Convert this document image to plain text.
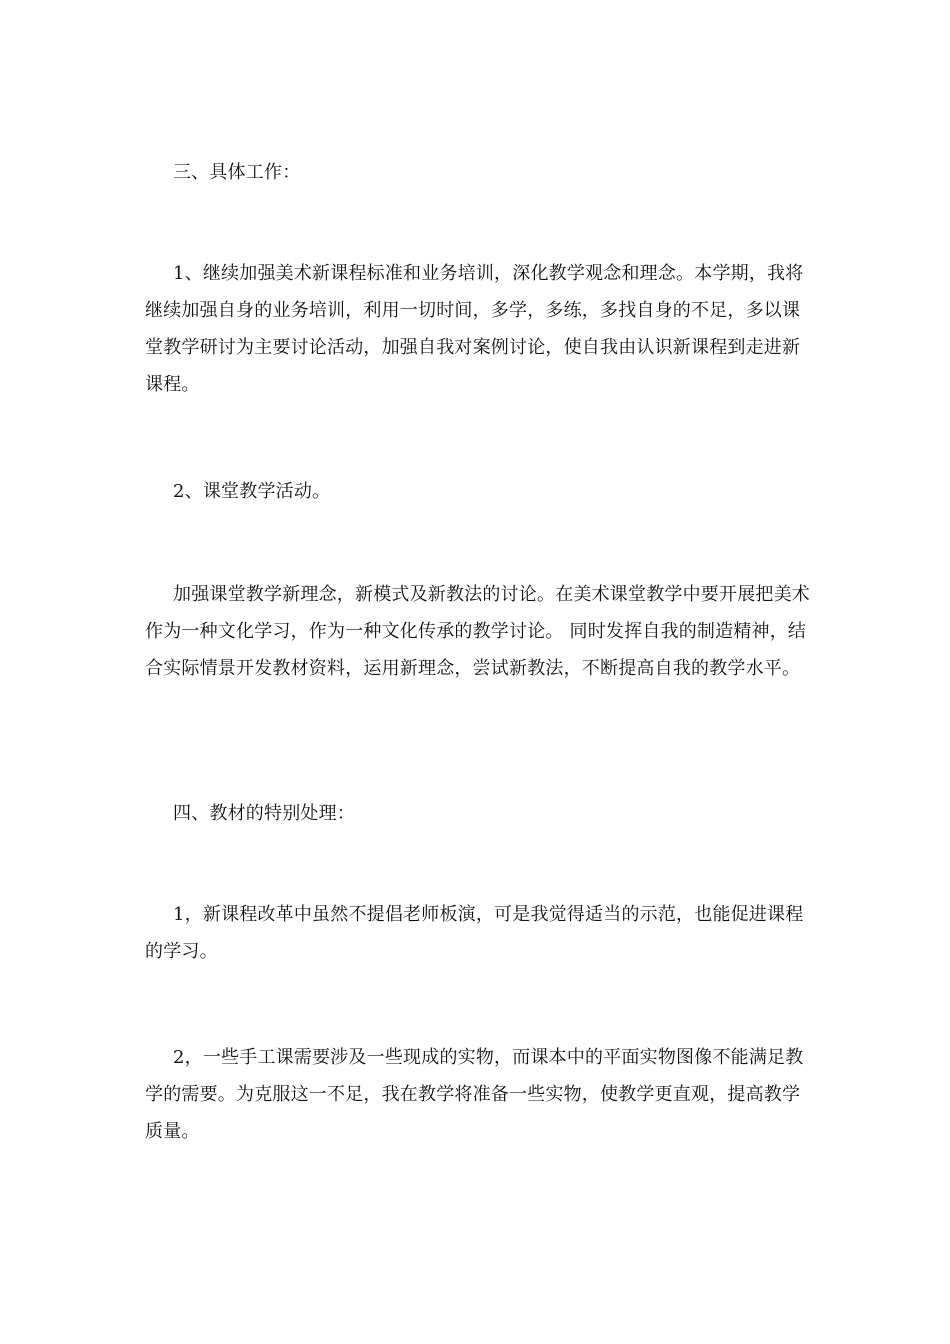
三、具体工作：

1、继续加强美术新课程标准和业务培训，深化教学观念和理念。本学期，我将继续加强自身的业务培训，利用一切时间，多学，多练，多找自身的不足，多以课堂教学研讨为主要讨论活动，加强自我对案例讨论，使自我由认识新课程到走进新课程。

2、课堂教学活动。

加强课堂教学新理念，新模式及新教法的讨论。在美术课堂教学中要开展把美术作为一种文化学习，作为一种文化传承的教学讨论。 同时发挥自我的制造精神，结合实际情景开发教材资料，运用新理念，尝试新教法，不断提高自我的教学水平。

四、教材的特别处理：

1，新课程改革中虽然不提倡老师板演，可是我觉得适当的示范，也能促进课程的学习。

2，一些手工课需要涉及一些现成的实物，而课本中的平面实物图像不能满足教学的需要。为克服这一不足，我在教学将准备一些实物，使教学更直观，提高教学质量。
